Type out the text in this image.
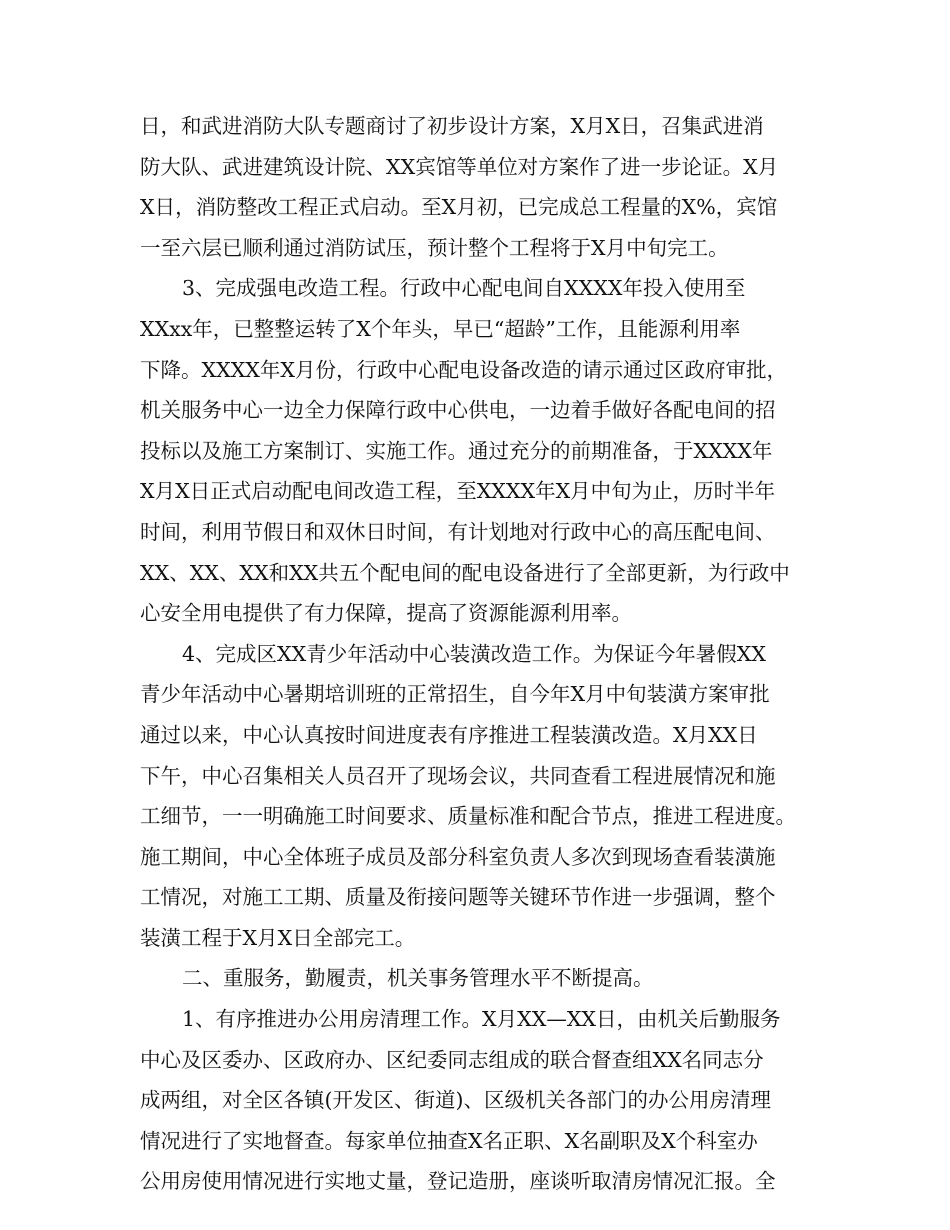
日，和武进消防大队专题商讨了初步设计方案，X月X日，召集武进消
防大队、武进建筑设计院、XX宾馆等单位对方案作了进一步论证。X月
X日，消防整改工程正式启动。至X月初，已完成总工程量的X%，宾馆
一至六层已顺利通过消防试压，预计整个工程将于X月中旬完工。
3、完成强电改造工程。行政中心配电间自XXXX年投入使用至
XXxx年，已整整运转了X个年头，早已“超龄”工作，且能源利用率
下降。XXXX年X月份，行政中心配电设备改造的请示通过区政府审批，
机关服务中心一边全力保障行政中心供电，一边着手做好各配电间的招
投标以及施工方案制订、实施工作。通过充分的前期准备，于XXXX年
X月X日正式启动配电间改造工程，至XXXX年X月中旬为止，历时半年
时间，利用节假日和双休日时间，有计划地对行政中心的高压配电间、
XX、XX、XX和XX共五个配电间的配电设备进行了全部更新，为行政中
心安全用电提供了有力保障，提高了资源能源利用率。
4、完成区XX青少年活动中心装潢改造工作。为保证今年暑假XX
青少年活动中心暑期培训班的正常招生，自今年X月中旬装潢方案审批
通过以来，中心认真按时间进度表有序推进工程装潢改造。X月XX日
下午，中心召集相关人员召开了现场会议，共同查看工程进展情况和施
工细节，一一明确施工时间要求、质量标准和配合节点，推进工程进度。
施工期间，中心全体班子成员及部分科室负责人多次到现场查看装潢施
工情况，对施工工期、质量及衔接问题等关键环节作进一步强调，整个
装潢工程于X月X日全部完工。
二、重服务，勤履责，机关事务管理水平不断提高。
1、有序推进办公用房清理工作。X月XX—XX日，由机关后勤服务
中心及区委办、区政府办、区纪委同志组成的联合督查组XX名同志分
成两组，对全区各镇(开发区、街道)、区级机关各部门的办公用房清理
情况进行了实地督查。每家单位抽查X名正职、X名副职及X个科室办
公用房使用情况进行实地丈量，登记造册，座谈听取清房情况汇报。全
